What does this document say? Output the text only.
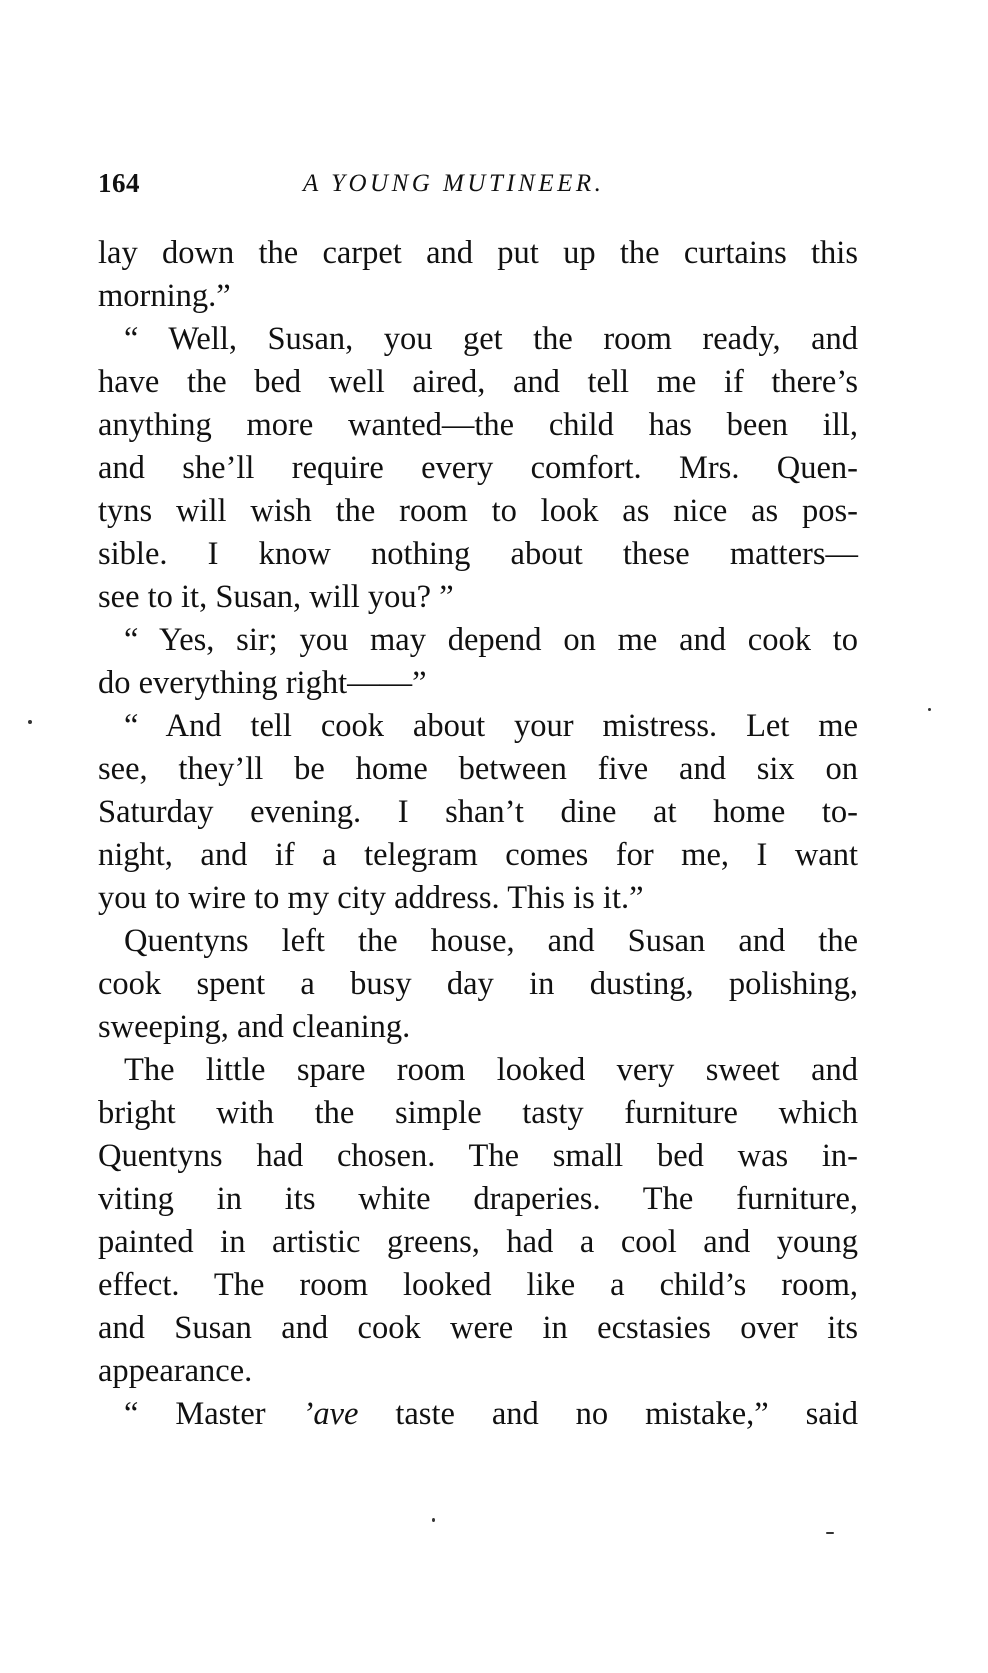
164	A YOUNG MUTINEER.
lay down the carpet and put up the curtains this
morning.”
“ Well, Susan, you get the room ready, and
have the bed well aired, and tell me if there’s
anything more wanted—the child has been ill,
and she’ll require every comfort. Mrs. Quen-
tyns will wish the room to look as nice as pos-
sible. I know nothing about these matters—
see to it, Susan, will you? ”
“ Yes, sir; you may depend on me and cook to
do everything right——”
“ And tell cook about your mistress. Let me
see, they’ll be home between five and six on
Saturday evening. I shan’t dine at home to-
night, and if a telegram comes for me, I want
you to wire to my city address. This is it.”
Quentyns left the house, and Susan and the
cook spent a busy day in dusting, polishing,
sweeping, and cleaning.
The little spare room looked very sweet and
bright with the simple tasty furniture which
Quentyns had chosen. The small bed was in-
viting in its white draperies. The furniture,
painted in artistic greens, had a cool and young
effect. The room looked like a child’s room,
and Susan and cook were in ecstasies over its
appearance.
“ Master ’ave taste and no mistake,” said
